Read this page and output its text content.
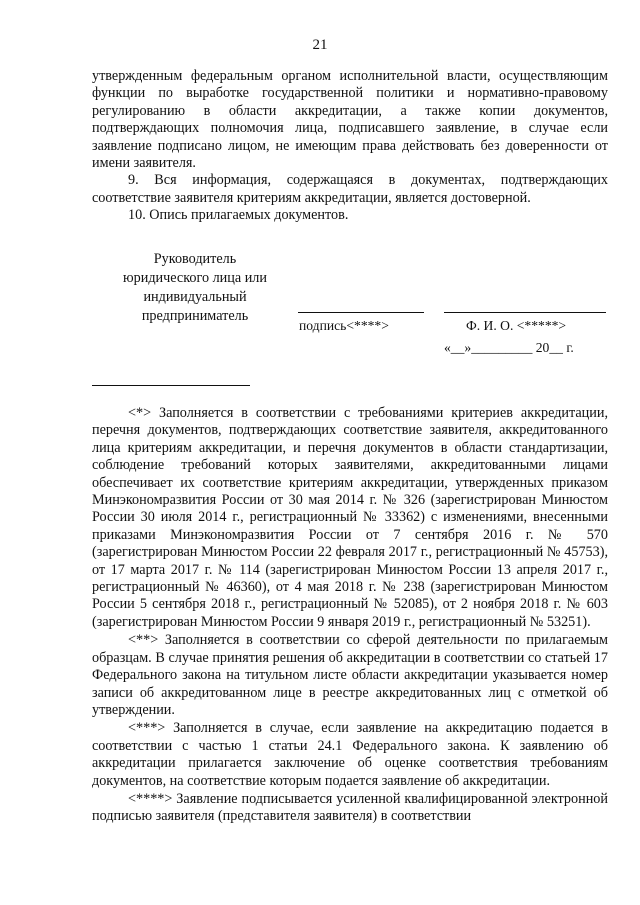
21
утвержденным федеральным органом исполнительной власти, осуществляющим функции по выработке государственной политики и нормативно-правовому регулированию в области аккредитации, а также копии документов, подтверждающих полномочия лица, подписавшего заявление, в случае если заявление подписано лицом, не имеющим права действовать без доверенности от имени заявителя.
9. Вся информация, содержащаяся в документах, подтверждающих соответствие заявителя критериям аккредитации, является достоверной.
10. Опись прилагаемых документов.
Руководитель
юридического лица или
индивидуальный
предприниматель
подпись<****>	Ф. И. О. <*****>
«__»_________ 20__ г.

<*> Заполняется в соответствии с требованиями критериев аккредитации, перечня документов, подтверждающих соответствие заявителя, аккредитованного лица критериям аккредитации, и перечня документов в области стандартизации, соблюдение требований которых заявителями, аккредитованными лицами обеспечивает их соответствие критериям аккредитации, утвержденных приказом Минэкономразвития России от 30 мая 2014 г. № 326 (зарегистрирован Минюстом России 30 июля 2014 г., регистрационный № 33362) с изменениями, внесенными приказами Минэкономразвития России от 7 сентября 2016 г. № 570 (зарегистрирован Минюстом России 22 февраля 2017 г., регистрационный № 45753), от 17 марта 2017 г. № 114 (зарегистрирован Минюстом России 13 апреля 2017 г., регистрационный № 46360), от 4 мая 2018 г. № 238 (зарегистрирован Минюстом России 5 сентября 2018 г., регистрационный № 52085), от 2 ноября 2018 г. № 603 (зарегистрирован Минюстом России 9 января 2019 г., регистрационный № 53251).

<**> Заполняется в соответствии со сферой деятельности по прилагаемым образцам. В случае принятия решения об аккредитации в соответствии со статьей 17 Федерального закона на титульном листе области аккредитации указывается номер записи об аккредитованном лице в реестре аккредитованных лиц с отметкой об утверждении.

<***> Заполняется в случае, если заявление на аккредитацию подается в соответствии с частью 1 статьи 24.1 Федерального закона. К заявлению об аккредитации прилагается заключение об оценке соответствия требованиям документов, на соответствие которым подается заявление об аккредитации.

<****> Заявление подписывается усиленной квалифицированной электронной подписью заявителя (представителя заявителя) в соответствии
